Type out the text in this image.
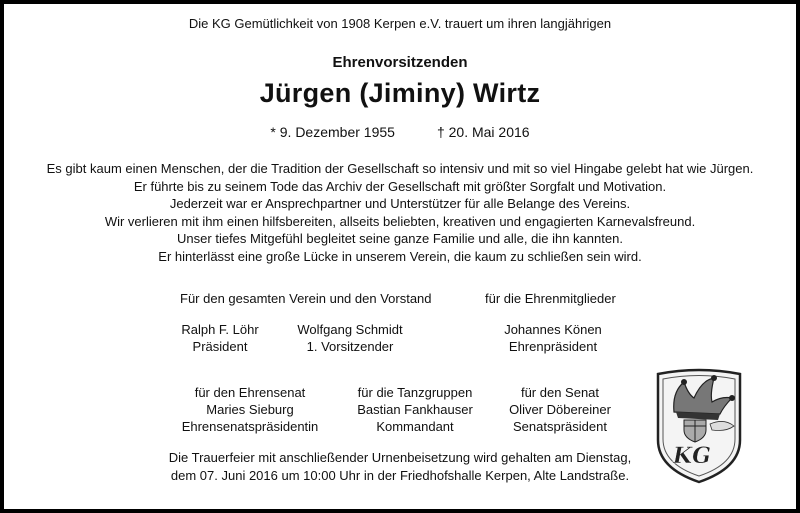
Die KG Gemütlichkeit von 1908 Kerpen e.V. trauert um ihren langjährigen
Ehrenvorsitzenden
Jürgen (Jiminy) Wirtz
* 9. Dezember 1955	† 20. Mai 2016
Es gibt kaum einen Menschen, der die Tradition der Gesellschaft so intensiv und mit so viel Hingabe gelebt hat wie Jürgen.
Er führte bis zu seinem Tode das Archiv der Gesellschaft mit größter Sorgfalt und Motivation.
Jederzeit war er Ansprechpartner und Unterstützer für alle Belange des Vereins.
Wir verlieren mit ihm einen hilfsbereiten, allseits beliebten, kreativen und engagierten Karnevalsfreund.
Unser tiefes Mitgefühl begleitet seine ganze Familie und alle, die ihn kannten.
Er hinterlässt eine große Lücke in unserem Verein, die kaum zu schließen sein wird.
Für den gesamten Verein und den Vorstand
Ralph F. Löhr
Präsident
Wolfgang Schmidt
1. Vorsitzender
für die Ehrenmitglieder
Johannes Könen
Ehrenpräsident
für den Ehrensenat
Maries Sieburg
Ehrensenatspräsidentin
für die Tanzgruppen
Bastian Fankhauser
Kommandant
für den Senat
Oliver Döbereiner
Senatspräsident
Die Trauerfeier mit anschließender Urnenbeisetzung wird gehalten am Dienstag,
dem 07. Juni 2016 um 10:00 Uhr in der Friedhofshalle Kerpen, Alte Landstraße.
KG
